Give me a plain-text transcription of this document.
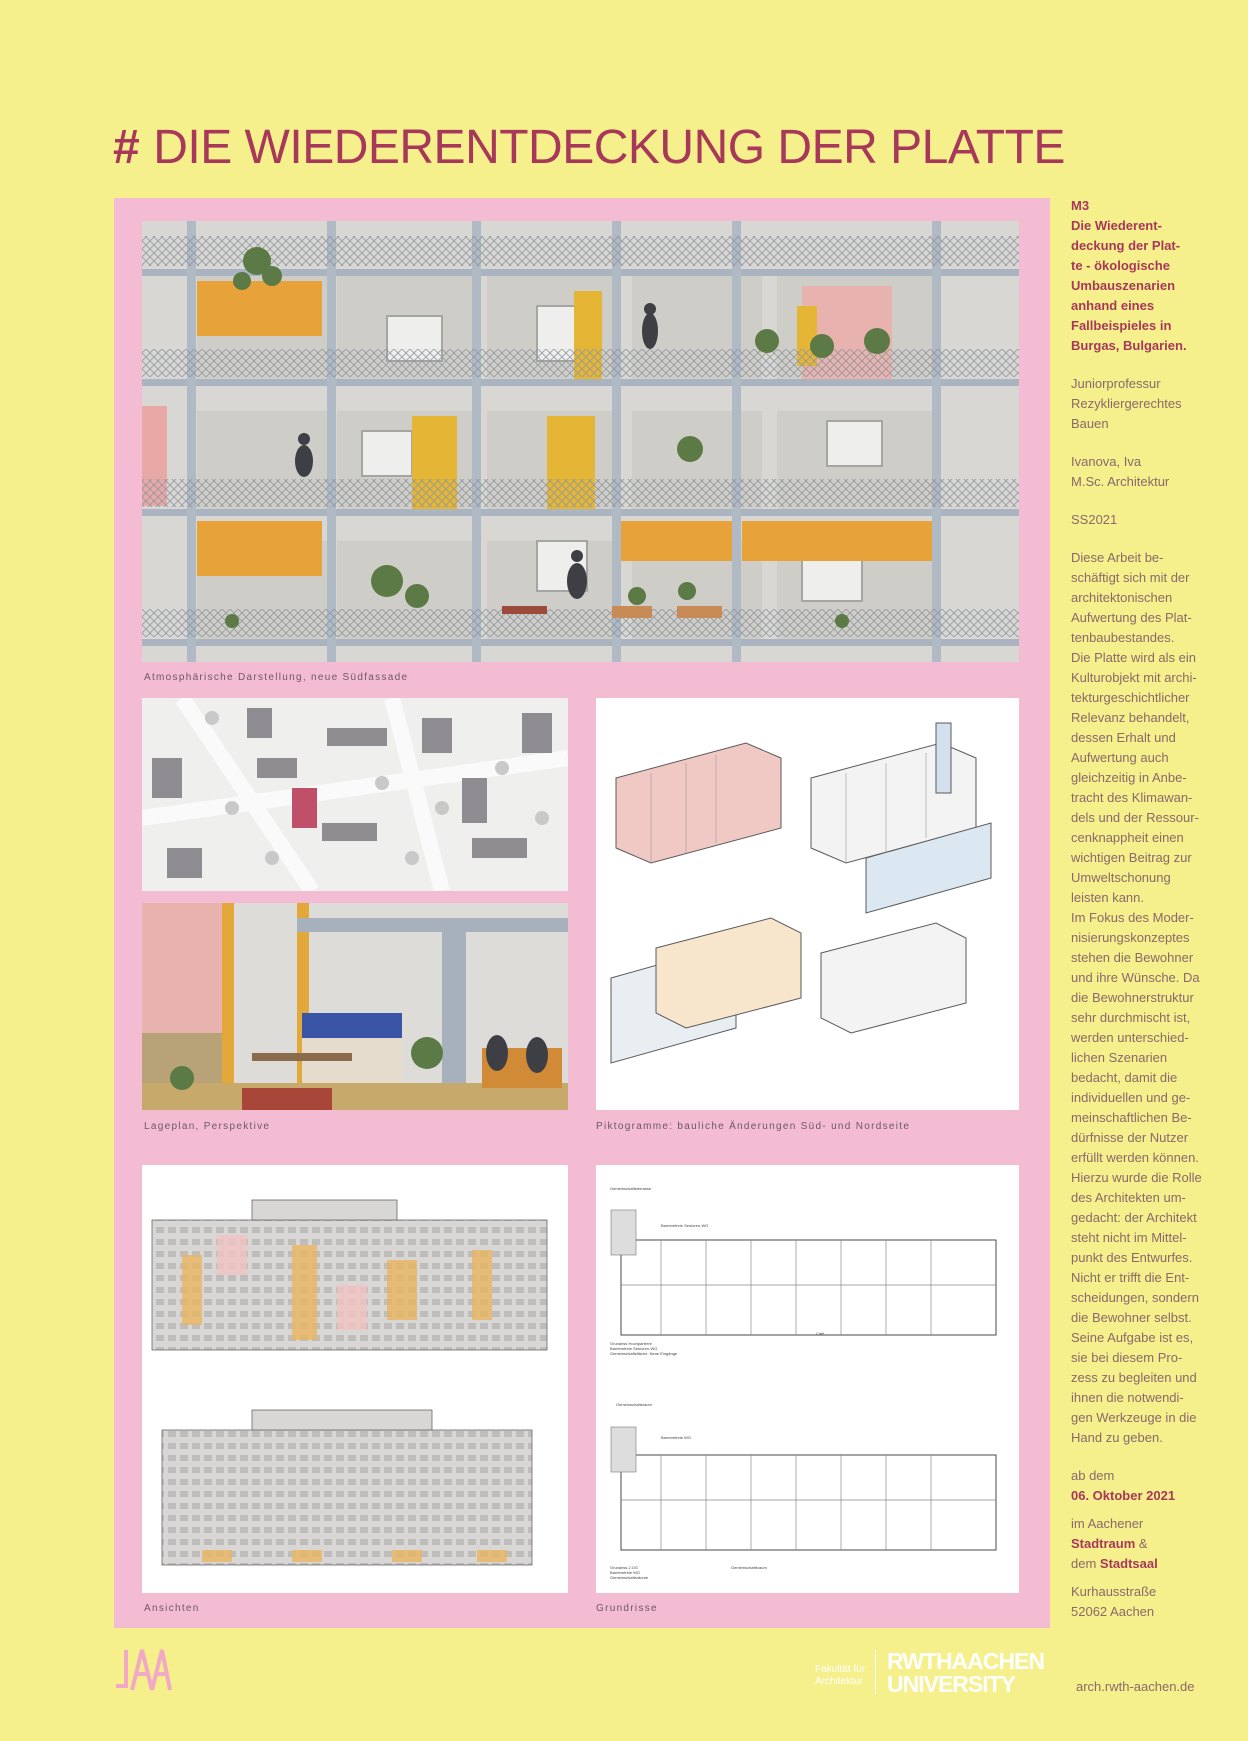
# DIE WIEDERENTDECKUNG DER PLATTE
Atmosphärische Darstellung, neue Südfassade
Lageplan, Perspektive	Piktogramme: bauliche Änderungen Süd- und Nordseite
Ansichten
Gemeinschaftsterrasse
Barrierefreie Senioren-WG
Grundriss Hochparterre
Barrierefreie Senioren-WG
Gemeinschaftsfläche, Neue Eingänge
Café
Gemeinschaftsraum
Barrierefreie WG
Grundriss 2.OG
Barrierefreie WG
Gemeinschaftsräume
Gemeinschaftsraum
Grundrisse
M3
Die Wiederent-
deckung der Plat-
te - ökologische
Umbauszenarien
anhand eines
Fallbeispieles in
Burgas, Bulgarien.
Juniorprofessur
Rezykliergerechtes
Bauen
Ivanova, Iva
M.Sc. Architektur
SS2021
Diese Arbeit be-
schäftigt sich mit der
architektonischen
Aufwertung des Plat-
tenbaubestandes.
Die Platte wird als ein
Kulturobjekt mit archi-
tekturgeschichtlicher
Relevanz behandelt,
dessen Erhalt und
Aufwertung auch
gleichzeitig in Anbe-
tracht des Klimawan-
dels und der Ressour-
cenknappheit einen
wichtigen Beitrag zur
Umweltschonung
leisten kann.
Im Fokus des Moder-
nisierungskonzeptes
stehen die Bewohner
und ihre Wünsche. Da
die Bewohnerstruktur
sehr durchmischt ist,
werden unterschied-
lichen Szenarien
bedacht, damit die
individuellen und ge-
meinschaftlichen Be-
dürfnisse der Nutzer
erfüllt werden können.
Hierzu wurde die Rolle
des Architekten um-
gedacht: der Architekt
steht nicht im Mittel-
punkt des Entwurfes.
Nicht er trifft die Ent-
scheidungen, sondern
die Bewohner selbst.
Seine Aufgabe ist es,
sie bei diesem Pro-
zess zu begleiten und
ihnen die notwendi-
gen Werkzeuge in die
Hand zu geben.
ab dem
06. Oktober 2021
im Aachener
Stadtraum &
dem Stadtsaal
Kurhausstraße
52062 Aachen
Fakultät für
Architektur
RWTHAACHEN
UNIVERSITY	arch.rwth-aachen.de
